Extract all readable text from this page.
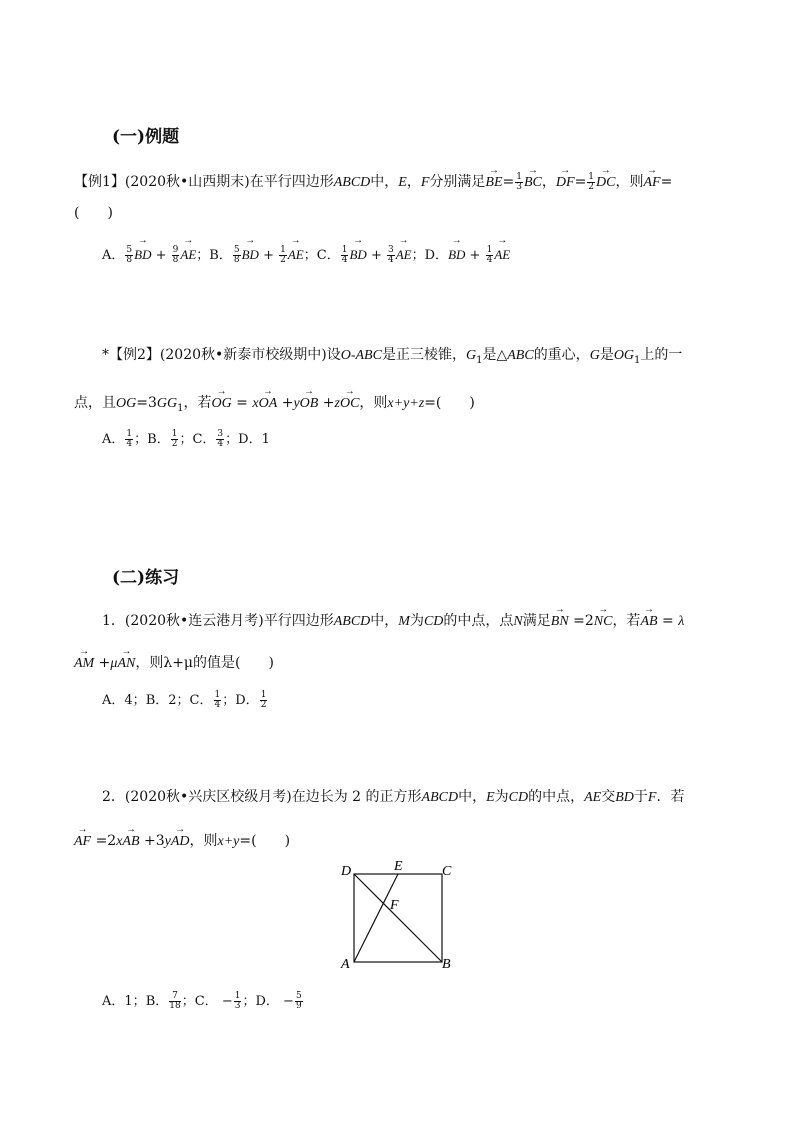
(一)例题
【例1】(2020秋•山西期末)在平行四边形ABCD中，E，F分别满足→ $BE= \frac{1}{3}$ → BC，→ $DF= \frac{1}{2}$ → DC，则→ AF=
(　　)
A． $\frac{5}{8}$ → BD + $\frac{9}{8}$ → AE；B． $\frac{5}{8}$ → BD + $\frac{1}{2}$ → AE；C． $\frac{1}{4}$ → BD + $\frac{3}{4}$ → AE；D．→ BD + $\frac{1}{4}$ → AE
*【例2】(2020秋•新泰市校级期中)设O-ABC是正三棱锥，$G_1$是△ABC的重心，G是$OG_1$上的一
点，且$OG=3GG_1$，若→ OG = x→ OA +y→ OB +z→ OC，则x+y+z=(　　)
A． $\frac{1}{4}$ ；B． $\frac{1}{2}$ ；C． $\frac{3}{4}$ ；D．1
(二)练习
1．(2020秋•连云港月考)平行四边形ABCD中，M为CD的中点，点N满足→ BN =2→ NC，若→ AB = λ
→ AM +μ→ AN，则λ+μ的值是(　　)
A．4；B．2；C． $\frac{1}{4}$ ；D． $\frac{1}{2}$
2．(2020秋•兴庆区校级月考)在边长为 2 的正方形ABCD中，E为CD的中点，AE交BD于F．若
→ AF =2x→ AB +3y→ AD，则x+y=(　　)
D	E	C
F
A	B
A．1；B． $\frac{7}{18}$ ；C． − $\frac{1}{3}$ ；D． − $\frac{5}{9}$
